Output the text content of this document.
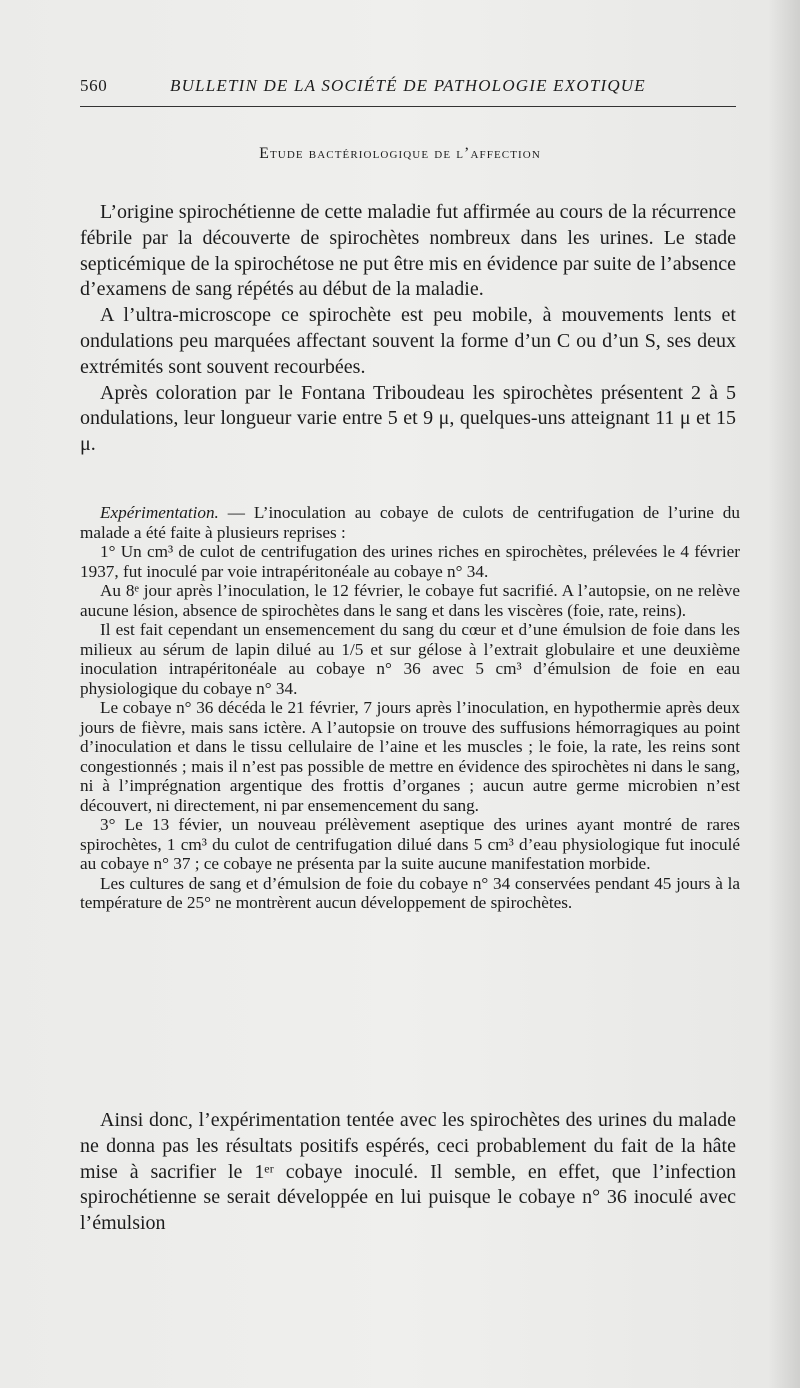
560	BULLETIN DE LA SOCIÉTÉ DE PATHOLOGIE EXOTIQUE
Etude bactériologique de l’affection

L’origine spirochétienne de cette maladie fut affirmée au cours de la récurrence fébrile par la découverte de spirochètes nombreux dans les urines. Le stade septicémique de la spirochétose ne put être mis en évidence par suite de l’absence d’examens de sang répétés au début de la maladie.

A l’ultra-microscope ce spirochète est peu mobile, à mouvements lents et ondulations peu marquées affectant souvent la forme d’un C ou d’un S, ses deux extrémités sont souvent recourbées.

Après coloration par le Fontana Triboudeau les spirochètes présentent 2 à 5 ondulations, leur longueur varie entre 5 et 9 μ, quelques-uns atteignant 11 μ et 15 μ.

Expérimentation. — L’inoculation au cobaye de culots de centrifugation de l’urine du malade a été faite à plusieurs reprises :

1° Un cm³ de culot de centrifugation des urines riches en spirochètes, prélevées le 4 février 1937, fut inoculé par voie intrapéritonéale au cobaye n° 34.

Au 8ᵉ jour après l’inoculation, le 12 février, le cobaye fut sacrifié. A l’autopsie, on ne relève aucune lésion, absence de spirochètes dans le sang et dans les viscères (foie, rate, reins).

Il est fait cependant un ensemencement du sang du cœur et d’une émulsion de foie dans les milieux au sérum de lapin dilué au 1/5 et sur gélose à l’extrait globulaire et une deuxième inoculation intrapéritonéale au cobaye n° 36 avec 5 cm³ d’émulsion de foie en eau physiologique du cobaye n° 34.

Le cobaye n° 36 décéda le 21 février, 7 jours après l’inoculation, en hypothermie après deux jours de fièvre, mais sans ictère. A l’autopsie on trouve des suffusions hémorragiques au point d’inoculation et dans le tissu cellulaire de l’aine et les muscles ; le foie, la rate, les reins sont congestionnés ; mais il n’est pas possible de mettre en évidence des spirochètes ni dans le sang, ni à l’imprégnation argentique des frottis d’organes ; aucun autre germe microbien n’est découvert, ni directement, ni par ensemencement du sang.

3° Le 13 févier, un nouveau prélèvement aseptique des urines ayant montré de rares spirochètes, 1 cm³ du culot de centrifugation dilué dans 5 cm³ d’eau physiologique fut inoculé au cobaye n° 37 ; ce cobaye ne présenta par la suite aucune manifestation morbide.

Les cultures de sang et d’émulsion de foie du cobaye n° 34 conservées pendant 45 jours à la température de 25° ne montrèrent aucun développement de spirochètes.

Ainsi donc, l’expérimentation tentée avec les spirochètes des urines du malade ne donna pas les résultats positifs espérés, ceci probablement du fait de la hâte mise à sacrifier le 1ᵉʳ cobaye inoculé. Il semble, en effet, que l’infection spirochétienne se serait développée en lui puisque le cobaye n° 36 inoculé avec l’émulsion
